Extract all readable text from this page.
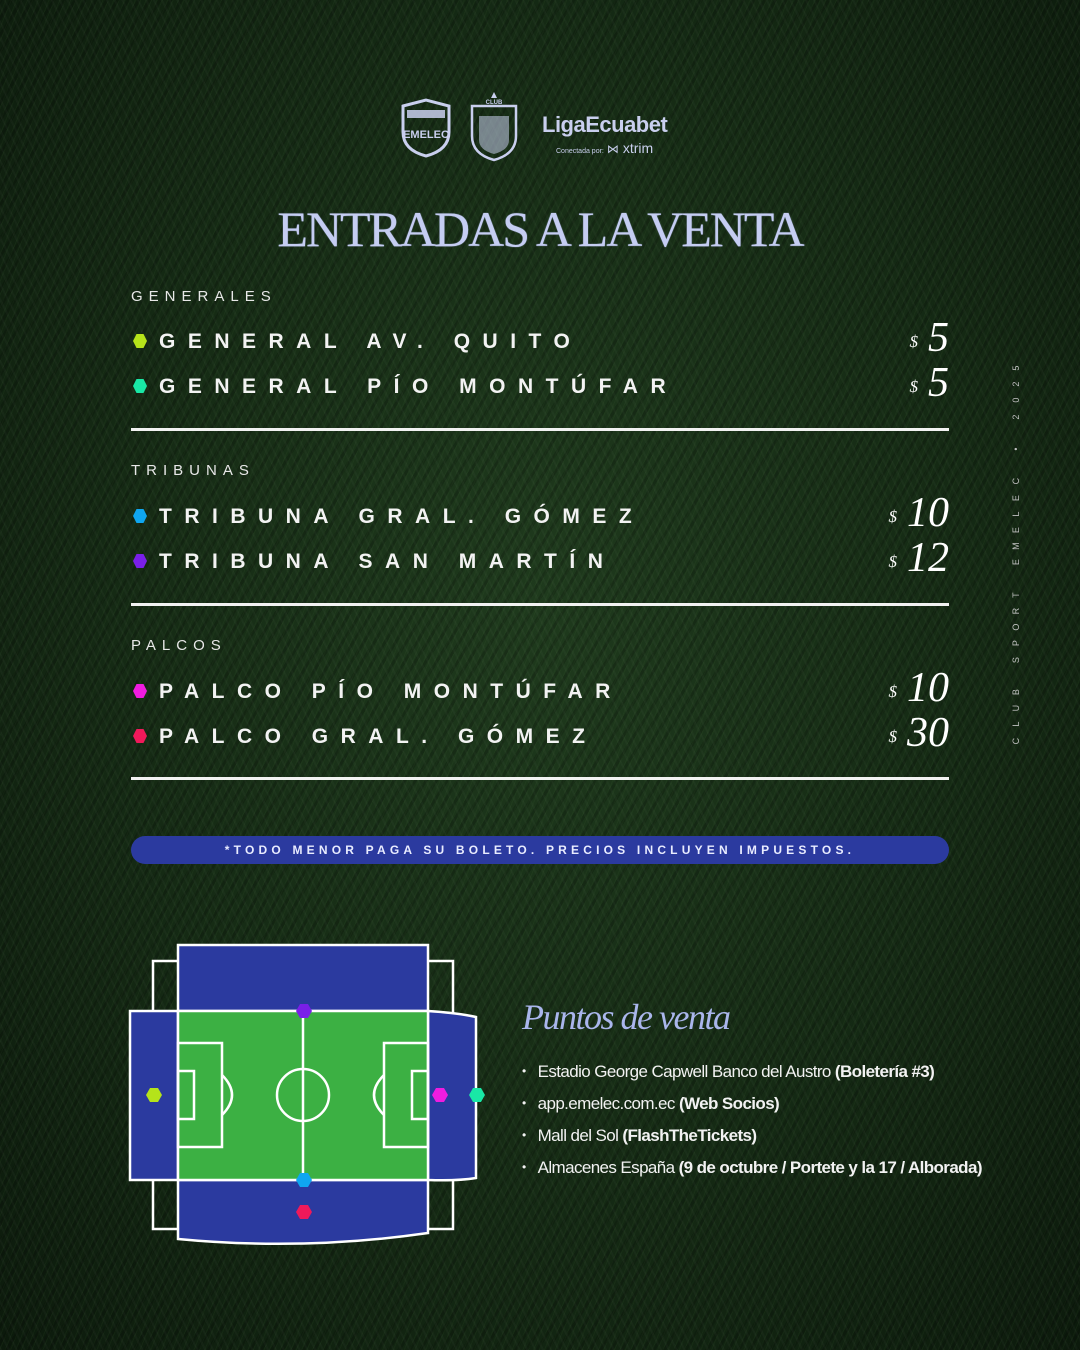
EMELEC
CLUB
LigaEcuabet
Conectada por: ⋈ xtrim
ENTRADAS A LA VENTA
GENERALES
GENERAL AV. QUITO	$ 5
GENERAL PÍO MONTÚFAR	$ 5
TRIBUNAS
TRIBUNA GRAL. GÓMEZ	$ 10
TRIBUNA SAN MARTÍN	$ 12
PALCOS
PALCO PÍO MONTÚFAR	$ 10
PALCO GRAL. GÓMEZ	$ 30
*TODO MENOR PAGA SU BOLETO. PRECIOS INCLUYEN IMPUESTOS.
5
2
0
2

•

C
E
L
E
M
E

T
R
O
P
S

B
U
L
C
Puntos de venta
• Estadio George Capwell Banco del Austro (Boletería #3)
• app.emelec.com.ec (Web Socios)
• Mall del Sol (FlashTheTickets)
• Almacenes España (9 de octubre / Portete y la 17 / Alborada)
